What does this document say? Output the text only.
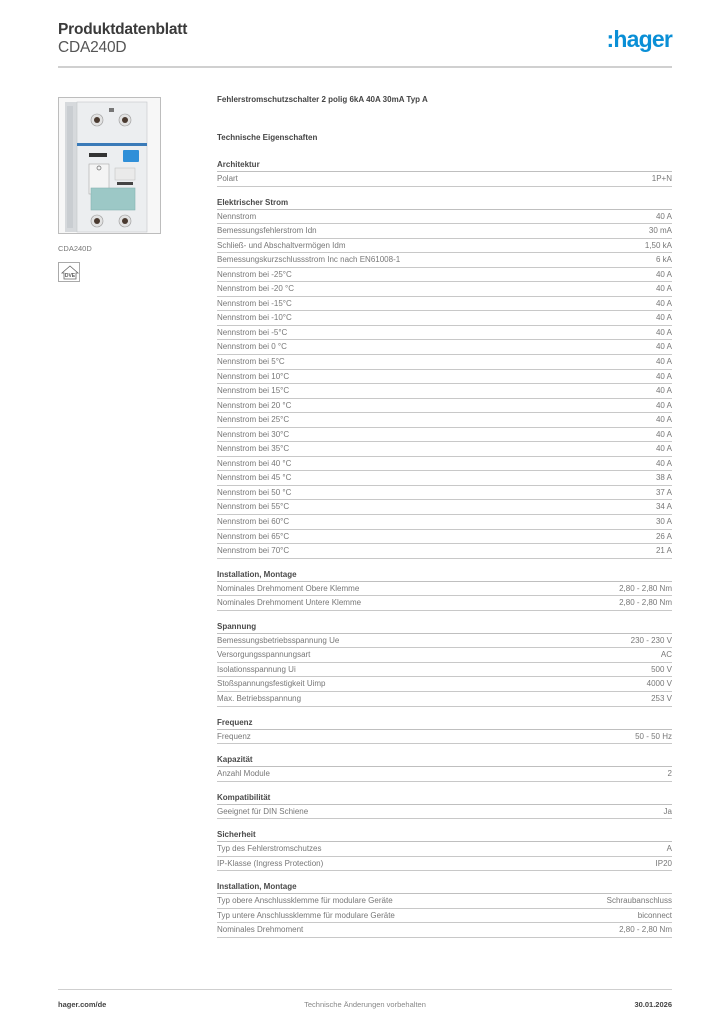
Produktdatenblatt
CDA240D	:hager
CDA240D
DVE
Fehlerstromschutzschalter 2 polig 6kA 40A 30mA Typ A
Technische Eigenschaften
Architektur
Polart	1P+N
Elektrischer Strom
Nennstrom	40 A
Bemessungsfehlerstrom Idn	30 mA
Schließ- und Abschaltvermögen Idm	1,50 kA
Bemessungskurzschlussstrom Inc nach EN61008-1	6 kA
Nennstrom bei -25°C	40 A
Nennstrom bei -20 °C	40 A
Nennstrom bei -15°C	40 A
Nennstrom bei -10°C	40 A
Nennstrom bei -5°C	40 A
Nennstrom bei 0 °C	40 A
Nennstrom bei 5°C	40 A
Nennstrom bei 10°C	40 A
Nennstrom bei 15°C	40 A
Nennstrom bei 20 °C	40 A
Nennstrom bei 25°C	40 A
Nennstrom bei 30°C	40 A
Nennstrom bei 35°C	40 A
Nennstrom bei 40 °C	40 A
Nennstrom bei 45 °C	38 A
Nennstrom bei 50 °C	37 A
Nennstrom bei 55°C	34 A
Nennstrom bei 60°C	30 A
Nennstrom bei 65°C	26 A
Nennstrom bei 70°C	21 A
Installation, Montage
Nominales Drehmoment Obere Klemme	2,80 - 2,80 Nm
Nominales Drehmoment Untere Klemme	2,80 - 2,80 Nm
Spannung
Bemessungsbetriebsspannung Ue	230 - 230 V
Versorgungsspannungsart	AC
Isolationsspannung Ui	500 V
Stoßspannungsfestigkeit Uimp	4000 V
Max. Betriebsspannung	253 V
Frequenz
Frequenz	50 - 50 Hz
Kapazität
Anzahl Module	2
Kompatibilität
Geeignet für DIN Schiene	Ja
Sicherheit
Typ des Fehlerstromschutzes	A
IP-Klasse (Ingress Protection)	IP20
Installation, Montage
Typ obere Anschlussklemme für modulare Geräte	Schraubanschluss
Typ untere Anschlussklemme für modulare Geräte	biconnect
Nominales Drehmoment	2,80 - 2,80 Nm
hager.com/de	Technische Änderungen vorbehalten	30.01.2026
